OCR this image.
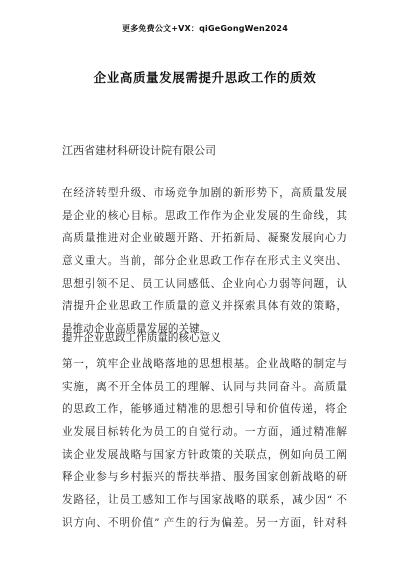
更多免费公文+VX：qiGeGongWen2024
企业高质量发展需提升思政工作的质效
江西省建材科研设计院有限公司
在经济转型升级、市场竞争加剧的新形势下，高质量发展
是企业的核心目标。思政工作作为企业发展的生命线，其
高质量推进对企业破题开路、开拓新局、凝聚发展向心力
意义重大。当前，部分企业思政工作存在形式主义突出、
思想引领不足、员工认同感低、企业向心力弱等问题，认
清提升企业思政工作质量的意义并探索具体有效的策略，
是推动企业高质量发展的关键。
提升企业思政工作质量的核心意义
第一，筑牢企业战略落地的思想根基。企业战略的制定与
实施，离不开全体员工的理解、认同与共同奋斗。高质量
的思政工作，能够通过精准的思想引导和价值传递，将企
业发展目标转化为员工的自觉行动。一方面，通过精准解
读企业发展战略与国家方针政策的关联点，例如向员工阐
释企业参与乡村振兴的帮扶举措、服务国家创新战略的研
发路径，让员工感知工作与国家战略的联系，减少因“ 不
识方向、不明价值” 产生的行为偏差。另一方面，针对科
